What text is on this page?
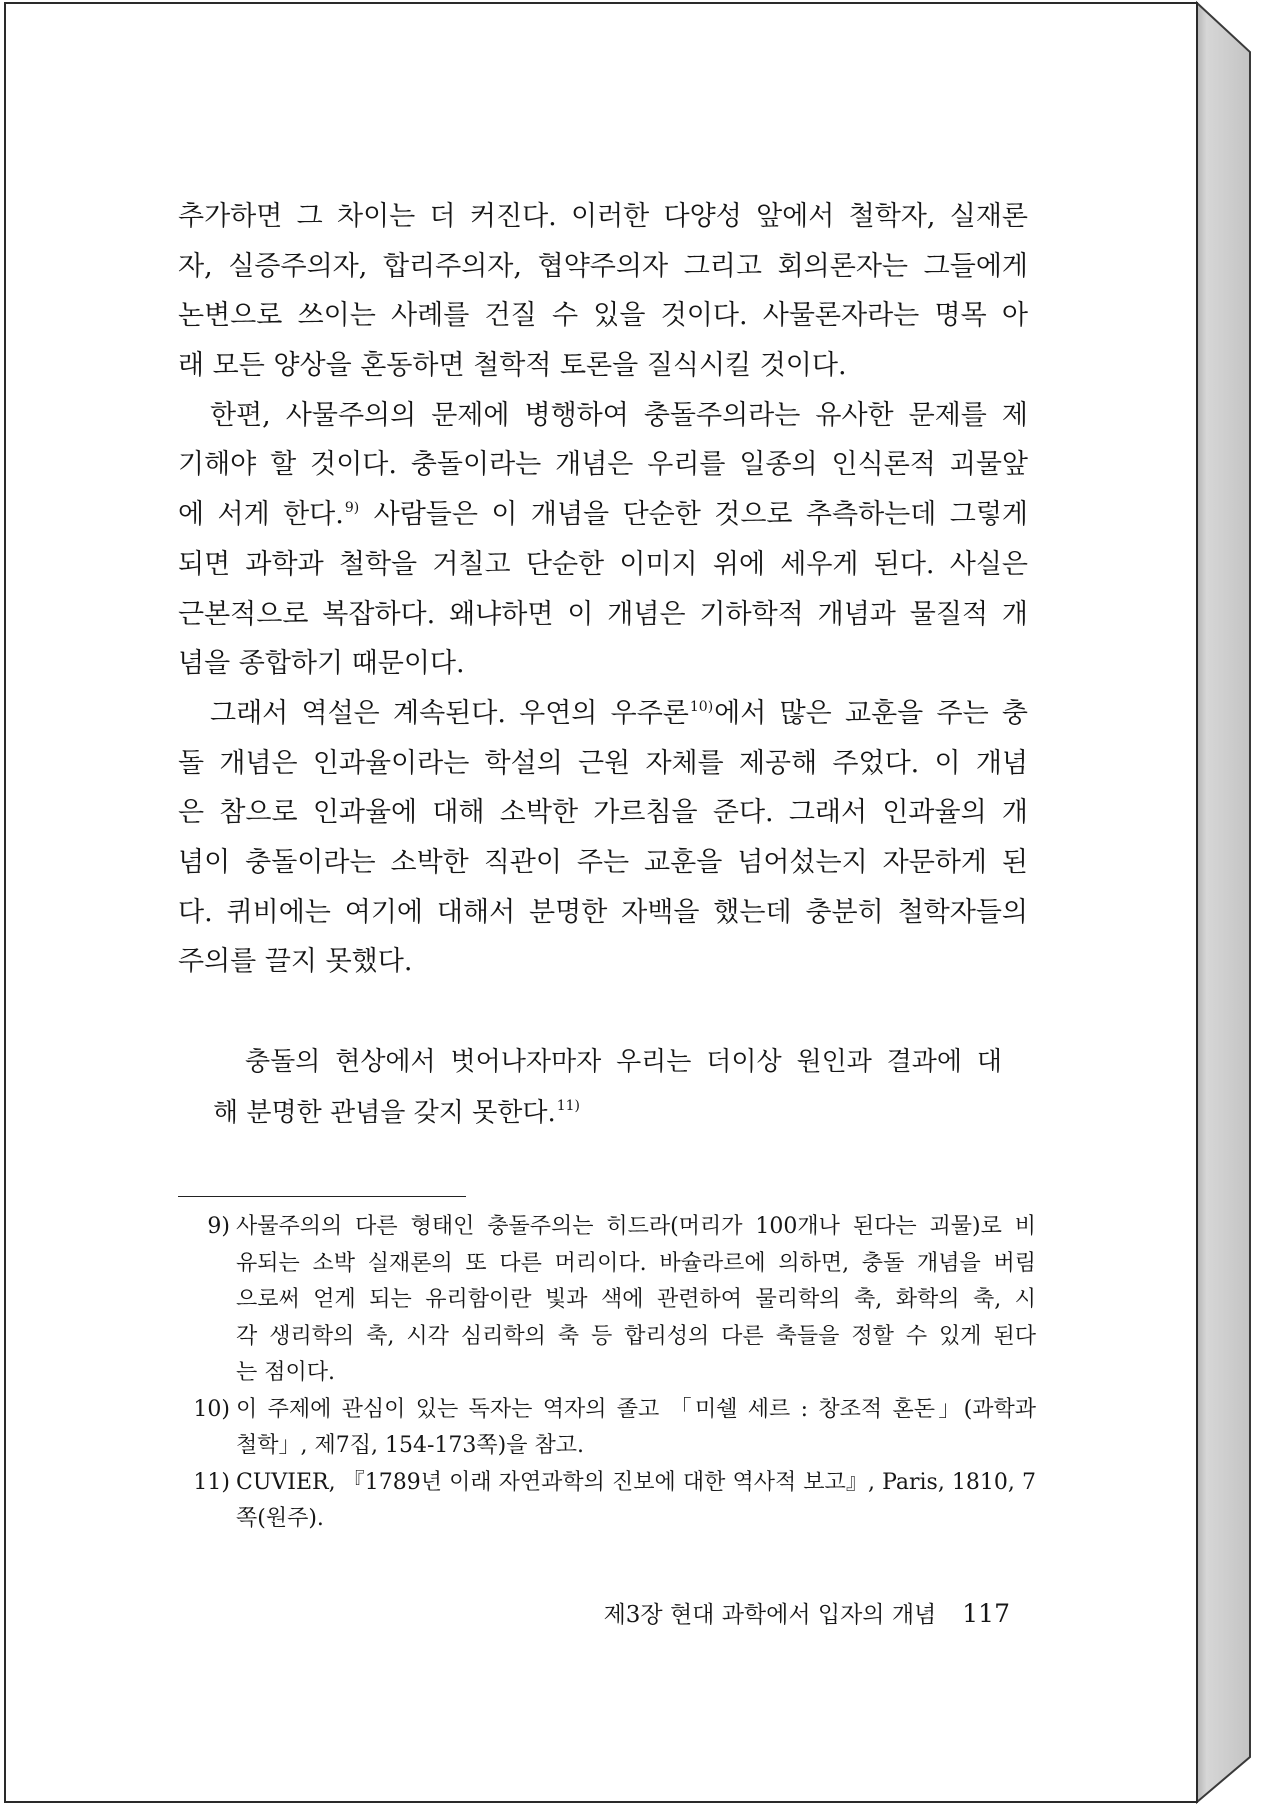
추가하면 그 차이는 더 커진다. 이러한 다양성 앞에서 철학자, 실재론
자, 실증주의자, 합리주의자, 협약주의자 그리고 회의론자는 그들에게
논변으로 쓰이는 사례를 건질 수 있을 것이다. 사물론자라는 명목 아
래 모든 양상을 혼동하면 철학적 토론을 질식시킬 것이다.
한편, 사물주의의 문제에 병행하여 충돌주의라는 유사한 문제를 제
기해야 할 것이다. 충돌이라는 개념은 우리를 일종의 인식론적 괴물앞
에 서게 한다.$^{9)}$ 사람들은 이 개념을 단순한 것으로 추측하는데 그렇게
되면 과학과 철학을 거칠고 단순한 이미지 위에 세우게 된다. 사실은
근본적으로 복잡하다. 왜냐하면 이 개념은 기하학적 개념과 물질적 개
념을 종합하기 때문이다.
그래서 역설은 계속된다. 우연의 우주론$^{10)}$에서 많은 교훈을 주는 충
돌 개념은 인과율이라는 학설의 근원 자체를 제공해 주었다. 이 개념
은 참으로 인과율에 대해 소박한 가르침을 준다. 그래서 인과율의 개
념이 충돌이라는 소박한 직관이 주는 교훈을 넘어섰는지 자문하게 된
다. 퀴비에는 여기에 대해서 분명한 자백을 했는데 충분히 철학자들의
주의를 끌지 못했다.
충돌의 현상에서 벗어나자마자 우리는 더이상 원인과 결과에 대
해 분명한 관념을 갖지 못한다.$^{11)}$
9) 사물주의의 다른 형태인 충돌주의는 히드라(머리가 100개나 된다는 괴물)로 비
유되는 소박 실재론의 또 다른 머리이다. 바슐라르에 의하면, 충돌 개념을 버림
으로써 얻게 되는 유리함이란 빛과 색에 관련하여 물리학의 축, 화학의 축, 시
각 생리학의 축, 시각 심리학의 축 등 합리성의 다른 축들을 정할 수 있게 된다
는 점이다.
10) 이 주제에 관심이 있는 독자는 역자의 졸고 「미쉘 세르 : 창조적 혼돈」(과학과
철학」, 제7집, 154-173쪽)을 참고.
11) CUVIER, 『1789년 이래 자연과학의 진보에 대한 역사적 보고』, Paris, 1810, 7
쪽(원주).
제3장 현대 과학에서 입자의 개념 117
